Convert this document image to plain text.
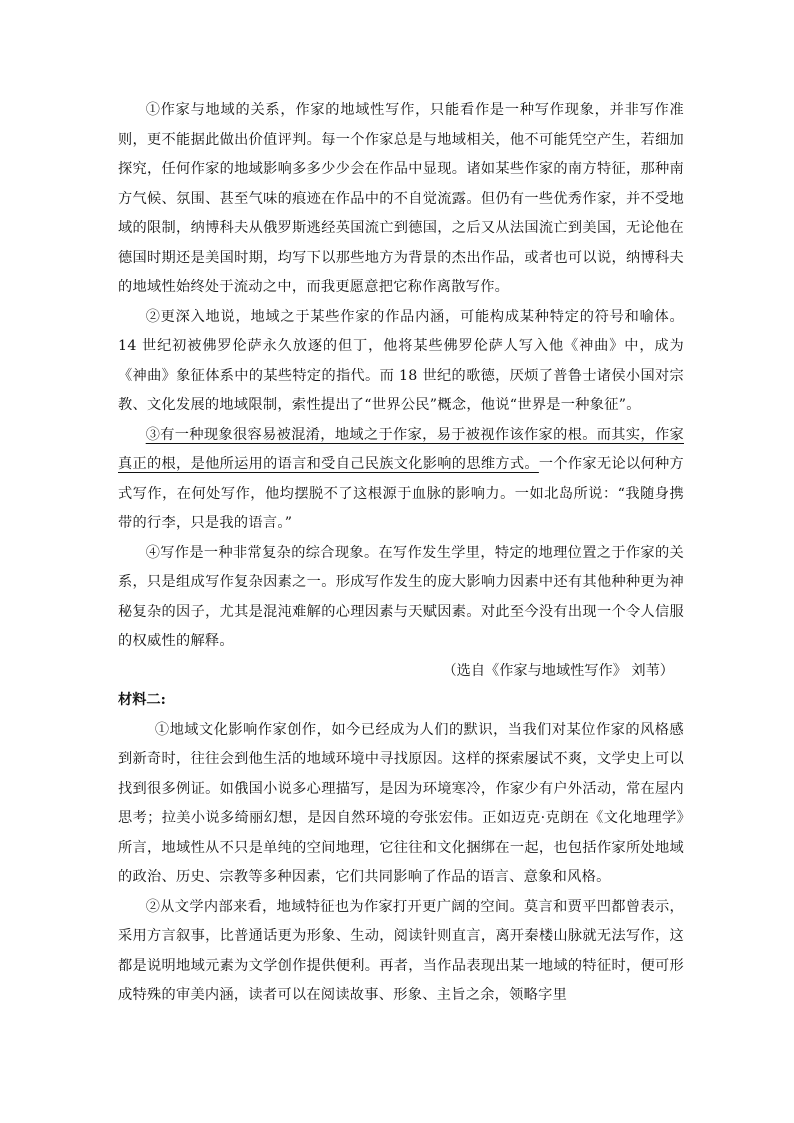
①作家与地域的关系，作家的地域性写作，只能看作是一种写作现象，并非写作准则，更不能据此做出价值评判。每一个作家总是与地域相关，他不可能凭空产生，若细加探究，任何作家的地域影响多多少少会在作品中显现。诸如某些作家的南方特征，那种南方气候、氛围、甚至气味的痕迹在作品中的不自觉流露。但仍有一些优秀作家，并不受地域的限制，纳博科夫从俄罗斯逃经英国流亡到德国，之后又从法国流亡到美国，无论他在德国时期还是美国时期，均写下以那些地方为背景的杰出作品，或者也可以说，纳博科夫的地域性始终处于流动之中，而我更愿意把它称作离散写作。

②更深入地说，地域之于某些作家的作品内涵，可能构成某种特定的符号和喻体。14 世纪初被佛罗伦萨永久放逐的但丁，他将某些佛罗伦萨人写入他《神曲》中，成为《神曲》象征体系中的某些特定的指代。而 18 世纪的歌德，厌烦了普鲁士诸侯小国对宗教、文化发展的地域限制，索性提出了“世界公民”概念，他说“世界是一种象征”。

③有一种现象很容易被混淆，地域之于作家，易于被视作该作家的根。而其实，作家真正的根，是他所运用的语言和受自己民族文化影响的思维方式。一个作家无论以何种方式写作，在何处写作，他均摆脱不了这根源于血脉的影响力。一如北岛所说：“我随身携带的行李，只是我的语言。”

④写作是一种非常复杂的综合现象。在写作发生学里，特定的地理位置之于作家的关系，只是组成写作复杂因素之一。形成写作发生的庞大影响力因素中还有其他种种更为神秘复杂的因子，尤其是混沌难解的心理因素与天赋因素。对此至今没有出现一个令人信服的权威性的解释。

（选自《作家与地域性写作》 刘苇）

材料二:

①地域文化影响作家创作，如今已经成为人们的默识，当我们对某位作家的风格感到新奇时，往往会到他生活的地域环境中寻找原因。这样的探索屡试不爽，文学史上可以找到很多例证。如俄国小说多心理描写，是因为环境寒冷，作家少有户外活动，常在屋内思考；拉美小说多绮丽幻想，是因自然环境的夸张宏伟。正如迈克·克朗在《文化地理学》所言，地域性从不只是单纯的空间地理，它往往和文化捆绑在一起，也包括作家所处地域的政治、历史、宗教等多种因素，它们共同影响了作品的语言、意象和风格。

②从文学内部来看，地域特征也为作家打开更广阔的空间。莫言和贾平凹都曾表示，采用方言叙事，比普通话更为形象、生动，阅读针则直言，离开秦楼山脉就无法写作，这都是说明地域元素为文学创作提供便利。再者，当作品表现出某一地域的特征时，便可形成特殊的审美内涵，读者可以在阅读故事、形象、主旨之余，领略字里
